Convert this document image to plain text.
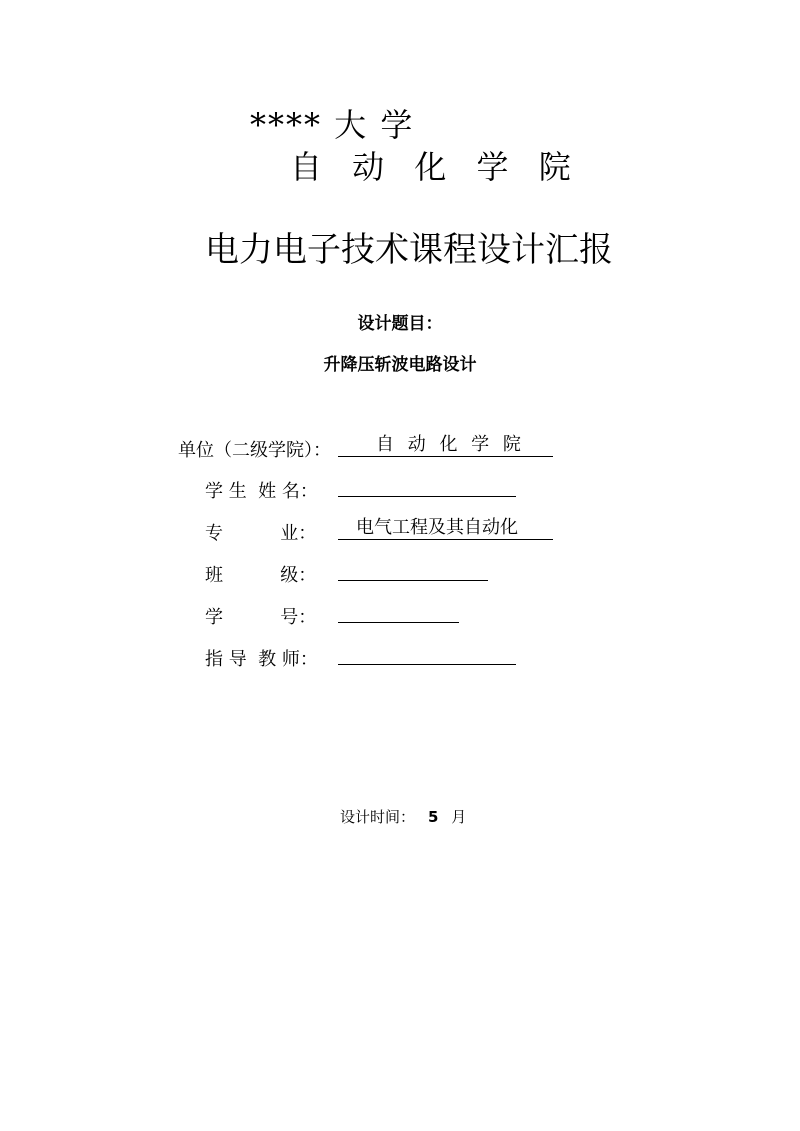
**** 大 学
自 动 化 学 院
电力电子技术课程设计汇报
设计题目：
升降压斩波电路设计
单位（二级学院）：	自 动 化 学 院
学 生  姓 名：
专          业： 电气工程及其自动化
班          级：
学          号：
指 导  教 师：
设计时间： 5 月
